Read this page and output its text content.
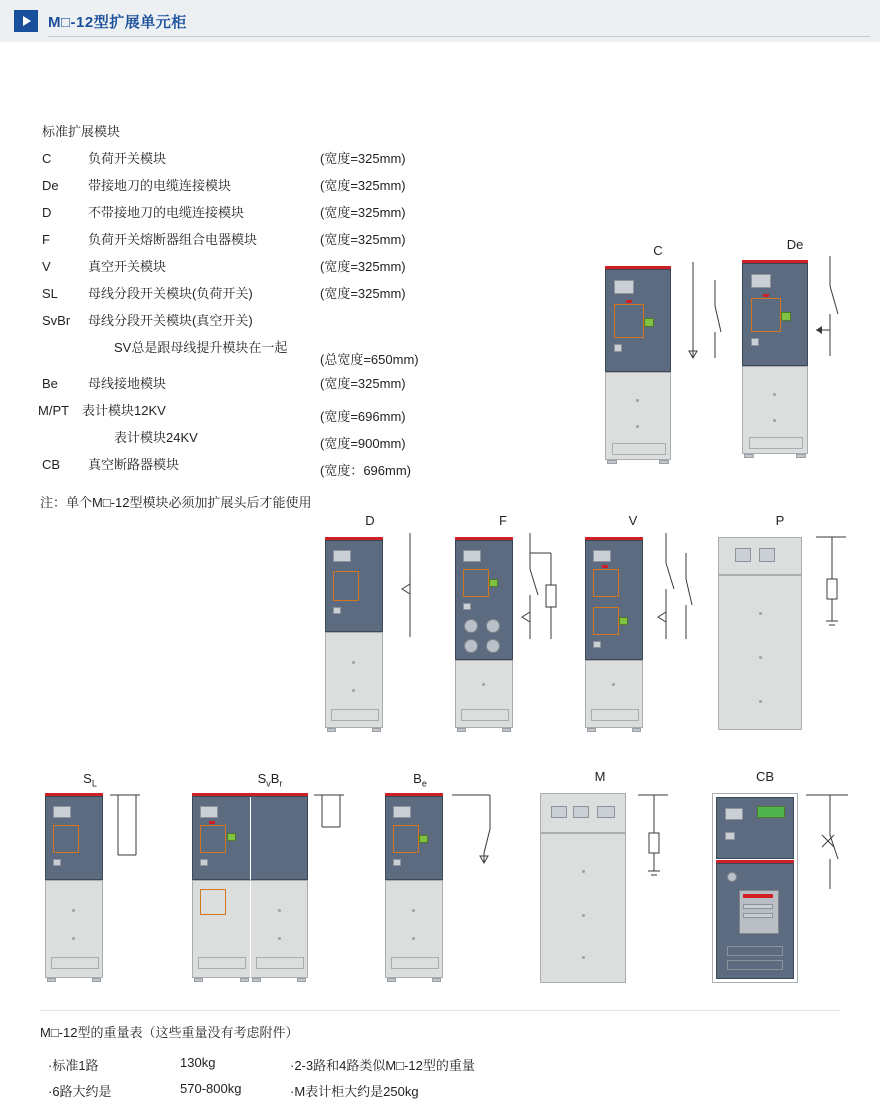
M□-12型扩展单元柜
标准扩展模块
C	负荷开关模块	(宽度=325mm)
De	带接地刀的电缆连接模块	(宽度=325mm)
D	不带接地刀的电缆连接模块	(宽度=325mm)
F	负荷开关熔断器组合电器模块	(宽度=325mm)
V	真空开关模块	(宽度=325mm)
SL	母线分段开关模块(负荷开关)	(宽度=325mm)
SvBr	母线分段开关模块(真空开关)
SV总是跟母线提升模块在一起
(总宽度=650mm)
Be	母线接地模块	(宽度=325mm)
M/PT 表计模块12KV	(宽度=696mm)
表计模块24KV	(宽度=900mm)
CB	真空断路器模块	(宽度：696mm)
注：单个M□-12型模块必须加扩展头后才能使用
C	De
D	F	V	P
$S_L$	$S_vB_r$	$B_e$	M	CB
M□-12型的重量表（这些重量没有考虑附件）
·标准1路	130kg	·2-3路和4路类似M□-12型的重量
·6路大约是	570-800kg	·M表计柜大约是250kg
